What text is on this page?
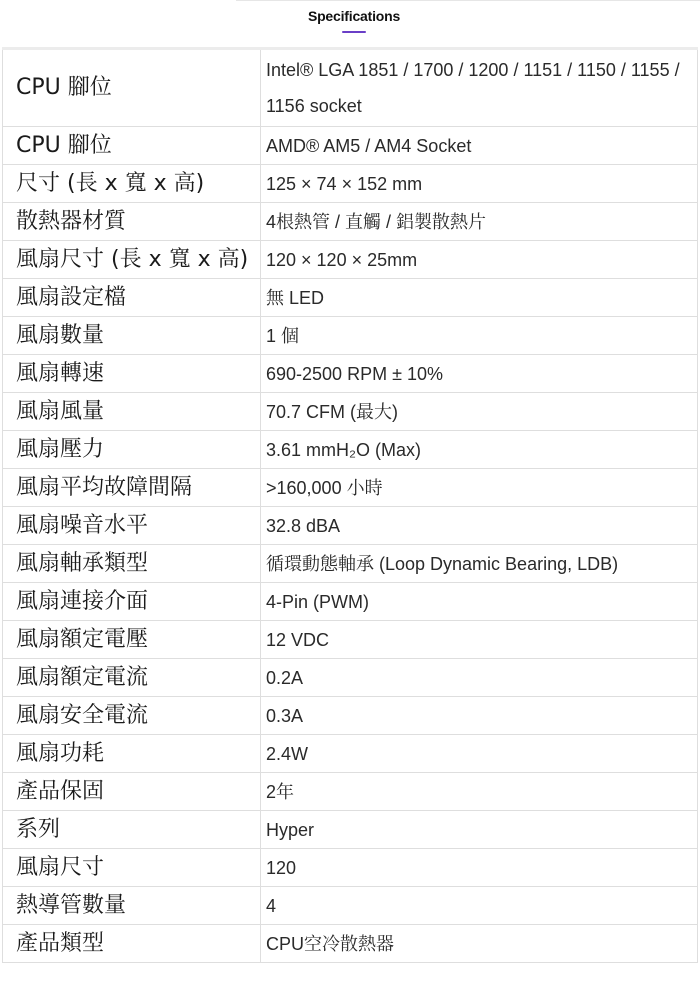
Specifications
CPU 腳位	Intel® LGA 1851 / 1700 / 1200 / 1151 / 1150 / 1155 /
1156 socket

CPU 腳位	AMD® AM5 / AM4 Socket
尺寸 (長 x 寬 x 高)	125 × 74 × 152 mm
散熱器材質	4根熱管 / 直觸 / 鋁製散熱片
風扇尺寸 (長 x 寬 x 高)	120 × 120 × 25mm
風扇設定檔	無 LED
風扇數量	1 個
風扇轉速	690-2500 RPM ± 10%
風扇風量	70.7 CFM (最大)
風扇壓力	3.61 mmH₂O (Max)
風扇平均故障間隔	>160,000 小時
風扇噪音水平	32.8 dBA
風扇軸承類型	循環動態軸承 (Loop Dynamic Bearing, LDB)
風扇連接介面	4-Pin (PWM)
風扇額定電壓	12 VDC
風扇額定電流	0.2A
風扇安全電流	0.3A
風扇功耗	2.4W
產品保固	2年
系列	Hyper
風扇尺寸	120
熱導管數量	4
產品類型	CPU空冷散熱器
